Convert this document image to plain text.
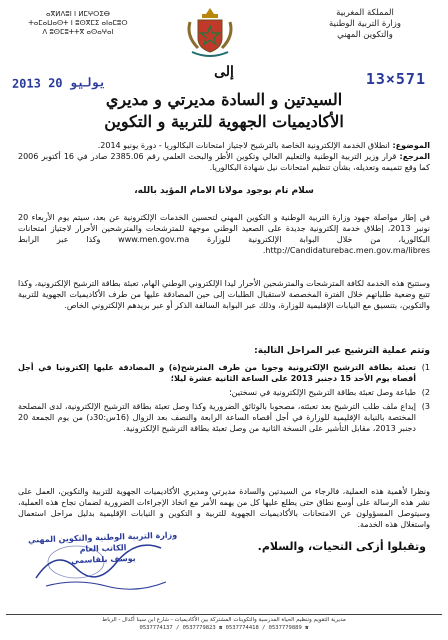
ⴰⴳⵍⴷⵓⵏ ⵏ ⵍⵎⵖⵔⵉⴱ
ⵜⴰⵎⴰⵡⴰⵙⵜ ⵏ ⵓⵙⴳⵎⵉ ⴰⵏⴰⵎⵓⵔ
ⴷ ⵓⵙⵎⵓⵜⵜⴳ ⴰⵙⴰⵖⴰⵏ
المملكة المغربية
وزارة التربية الوطنية
والتكوين المهني
2013 ﻳﻮﻟﻴﻮ 20	13×571
إلى
السيدتين و السادة مديرتي و مديري
الأكاديميات الجهوية للتربية و التكوين
الموضوع: انطلاق الخدمة الإلكترونية الخاصة بالترشيح لاجتياز امتحانات البكالوريا - دورة يونيو 2014.
المرجع: قرار وزير التربية الوطنية والتعليم العالي وتكوين الأطر والبحث العلمي رقم 2385.06 صادر في 16 أكتوبر 2006 كما وقع تتميمه وتعديله، بشأن تنظيم امتحانات نيل شهادة البكالوريا.
سلام تام بوجود مولانا الامام المؤيد بالله،
في إطار مواصلة جهود وزارة التربية الوطنية و التكوين المهني لتحسين الخدمات الإلكترونية عن بعد، سيتم يوم الأربعاء 20 نونبر 2013، إطلاق خدمة إلكترونية جديدة على الصعيد الوطني موجهة للمترشحات والمترشحين الأحرار لاجتياز امتحانات البكالوريا، من خلال البوابة الإلكترونية للوزارة www.men.gov.ma وكذا عبر الرابط http://Candidaturebac.men.gov.ma/libres.
وستتيح هذه الخدمة لكافة المترشحات والمترشحين الأحرار ليدا الإلكتروني الوطني الهام، تعبئة بطاقة الترشيح الإلكترونية، وكذا تتبع وضعية طلباتهم خلال الفترة المخصصة لاستقبال الطلبات إلى حين المصادقة عليها من طرف الأكاديميات الجهوية للتربية والتكوين، بتنسيق مع النيابات الإقليمية للوزارة، وذلك عبر البوابة السالفة الذكر أو عبر بريدهم الإلكتروني الخاص.
وتتم عملية الترشيح عبر المراحل التالية:
1)
تعبئة بطاقة الترشيح الإلكترونية وجوبا من طرف المترشح(ة) و المصادقة عليها إلكترونيا في أجل أقصاه يوم الأحد 15 دجنبر 2013 على الساعة الثانية عشرة ليلا؛
2)
طباعة وصل تعبئة بطاقة الترشيح الإلكترونية في نسختين؛
3)
إيداع ملف طلب الترشيح بعد تعبئته، مصحوبا بالوثائق الضرورية وكذا وصل تعبئة بطاقة الترشيح الإلكترونية، لدى المصلحة المختصة بالنيابة الإقليمية للوزارة في أجل أقصاه الساعة الرابعة والنصف بعد الزوال (16س:30د) من يوم الجمعة 20 دجنبر 2013، مقابل التأشير على النسخة الثانية من وصل تعبئة بطاقة الترشيح الإلكترونية.
ونظرا لأهمية هذه العملية، فالرجاء من السيدتين والسادة مديرتي ومديري الأكاديميات الجهوية للتربية والتكوين، العمل على نشر هذه الرسالة على أوسع نطاق حتى يطلع عليها كل من يهمه الأمر مع اتخاذ الإجراءات الضرورية لضمان نجاح هذه العملية، وسيتوصل المسؤولون عن الامتحانات بالأكاديميات الجهوية للتربية و التكوين و النيابات الإقليمية بدليل مراحل استعمال واستغلال هذه الخدمة.
وتقبلوا أزكى التحيات، والسلام.
وزارة التربية الوطنية والتكوين المهني
الكاتب العام
يوسف بلقاسمي
مديرية التقويم وتنظيم الحياة المدرسية والتكوينات المشتركة بين الأكاديميات - شارع ابن سينا أكدال - الرباط
0537774137 / 0537779823 ☎ 0537774418 / 0537779889 ☎
